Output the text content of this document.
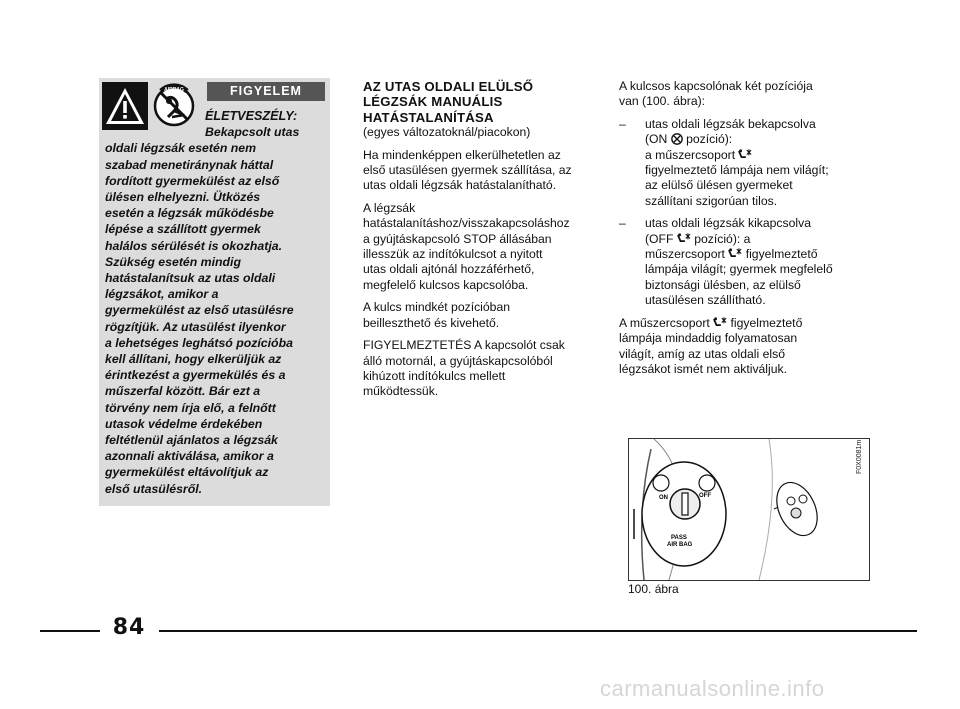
AIRBAG	FIGYELEM
ÉLETVESZÉLY:
Bekapcsolt utas
oldali légzsák esetén nem
szabad menetiránynak háttal
fordított gyermekülést az első
ülésen elhelyezni. Ütközés
esetén a légzsák működésbe
lépése a szállított gyermek
halálos sérülését is okozhatja.
Szükség esetén mindig
hatástalanítsuk az utas oldali
légzsákot, amikor a
gyermekülést az első utasülésre
rögzítjük. Az utasülést ilyenkor
a lehetséges leghátsó pozícióba
kell állítani, hogy elkerüljük az
érintkezést a gyermekülés és a
műszerfal között. Bár ezt a
törvény nem írja elő, a felnőtt
utasok védelme érdekében
feltétlenül ajánlatos a légzsák
azonnali aktiválása, amikor a
gyermekülést eltávolítjuk az
első utasülésről.
AZ UTAS OLDALI ELÜLSŐ
LÉGZSÁK MANUÁLIS
HATÁSTALANÍTÁSA
(egyes változatoknál/piacokon)

Ha mindenképpen elkerülhetetlen az
első utasülésen gyermek szállítása, az
utas oldali légzsák hatástalanítható.

A légzsák
hatástalanításhoz/visszakapcsoláshoz
a gyújtáskapcsoló STOP állásában
illesszük az indítókulcsot a nyitott
utas oldali ajtónál hozzáférhető,
megfelelő kulcsos kapcsolóba.

A kulcs mindkét pozícióban
beilleszthető és kivehető.

FIGYELMEZTETÉS A kapcsolót csak
álló motornál, a gyújtáskapcsolóból
kihúzott indítókulcs mellett
működtessük.

A kulcsos kapcsolónak két pozíciója
van (100. ábra):

– utas oldali légzsák bekapcsolva
(ON  pozíció):
a műszercsoport
figyelmeztető lámpája nem világít;
az elülső ülésen gyermeket
szállítani szigorúan tilos.
– utas oldali légzsák kikapcsolva
(OFF  pozíció): a
műszercsoport  figyelmeztető
lámpája világít; gyermek megfelelő
biztonsági ülésben, az elülső
utasülésen szállítható.

A műszercsoport  figyelmeztető
lámpája mindaddig folyamatosan
világít, amíg az utas oldali első
légzsákot ismét nem aktiváljuk.

ON	OFF
PASS
AIR BAG
F0X0081m
100. ábra
84
carmanualsonline.info
